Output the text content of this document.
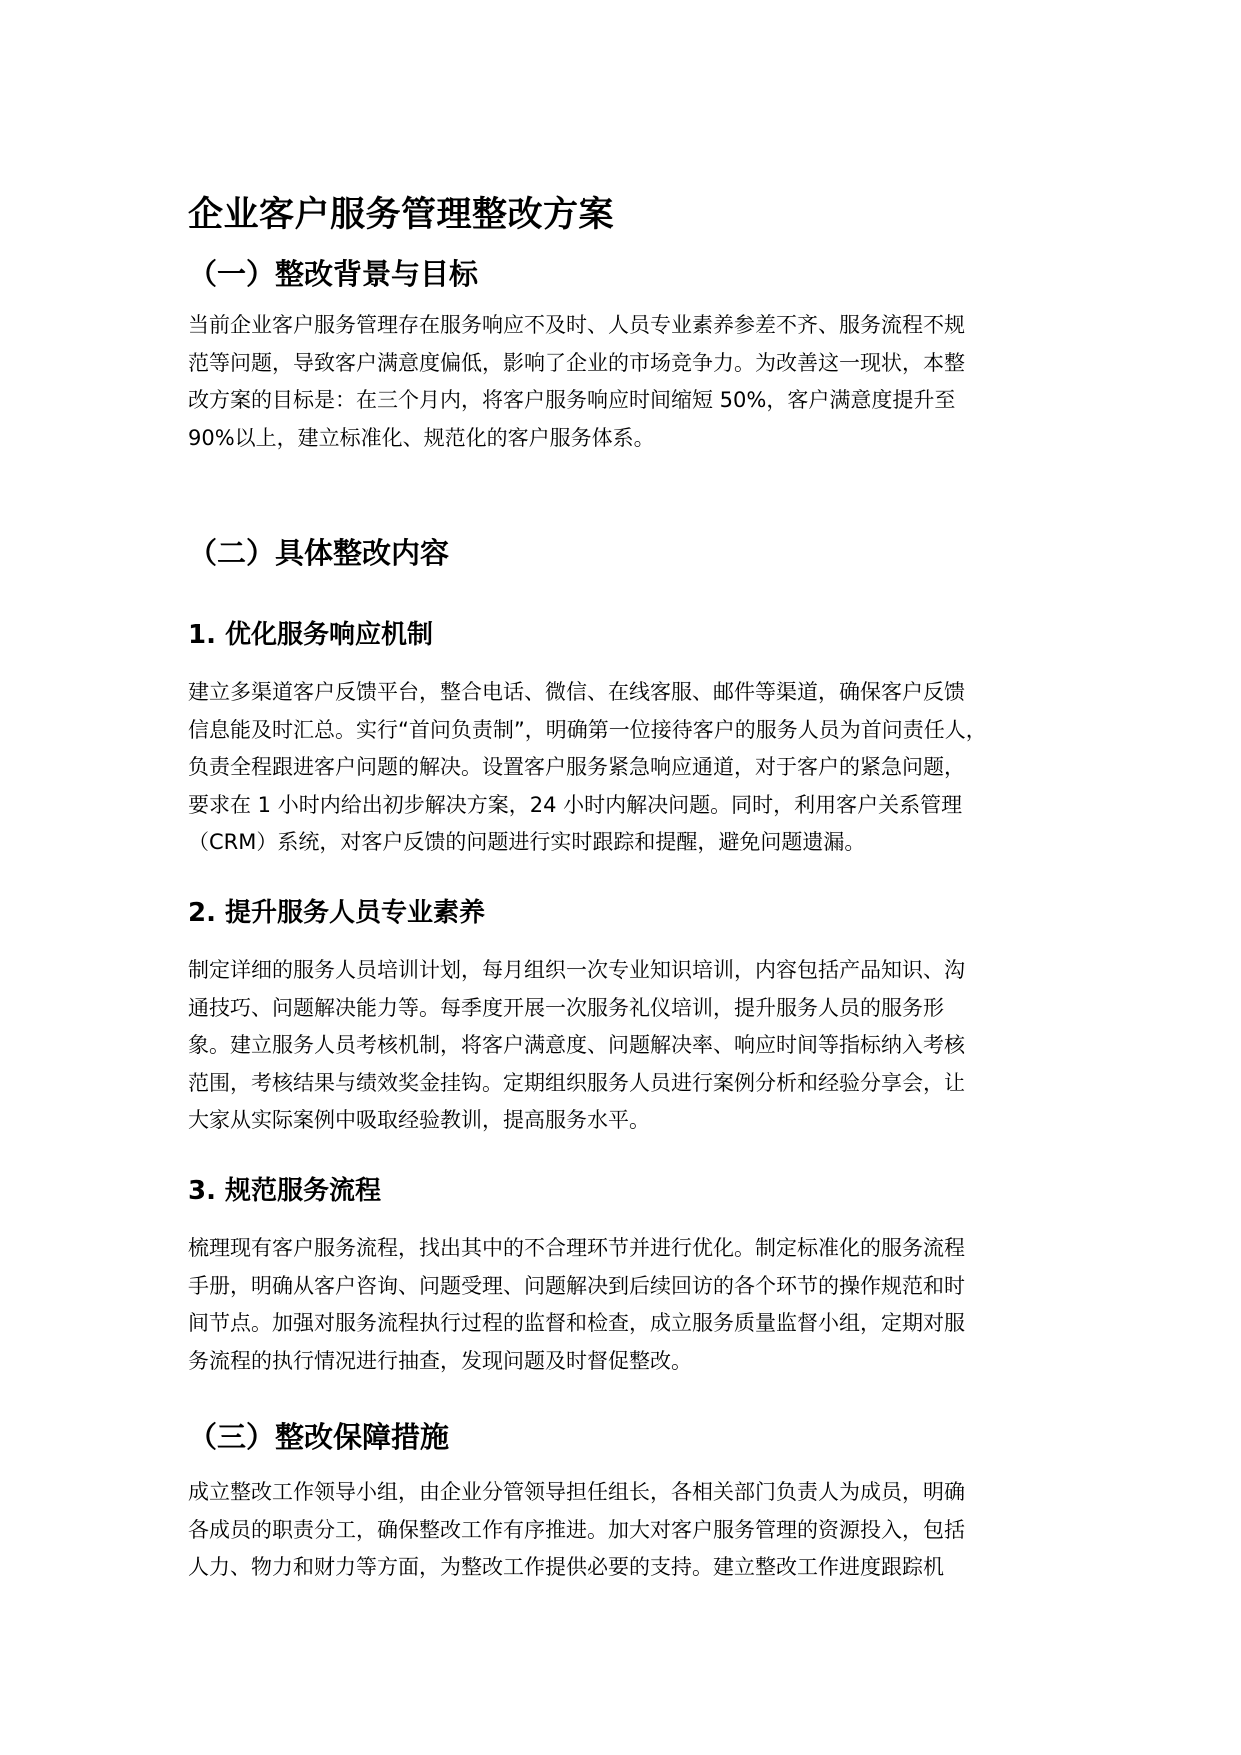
企业客户服务管理整改方案
（一）整改背景与目标
当前企业客户服务管理存在服务响应不及时、人员专业素养参差不齐、服务流程不规
范等问题，导致客户满意度偏低，影响了企业的市场竞争力。为改善这一现状，本整
改方案的目标是：在三个月内，将客户服务响应时间缩短 50%，客户满意度提升至
90%以上，建立标准化、规范化的客户服务体系。
（二）具体整改内容
1. 优化服务响应机制
建立多渠道客户反馈平台，整合电话、微信、在线客服、邮件等渠道，确保客户反馈
信息能及时汇总。实行“首问负责制”，明确第一位接待客户的服务人员为首问责任人，
负责全程跟进客户问题的解决。设置客户服务紧急响应通道，对于客户的紧急问题，
要求在 1 小时内给出初步解决方案，24 小时内解决问题。同时，利用客户关系管理
（CRM）系统，对客户反馈的问题进行实时跟踪和提醒，避免问题遗漏。
2. 提升服务人员专业素养
制定详细的服务人员培训计划，每月组织一次专业知识培训，内容包括产品知识、沟
通技巧、问题解决能力等。每季度开展一次服务礼仪培训，提升服务人员的服务形
象。建立服务人员考核机制，将客户满意度、问题解决率、响应时间等指标纳入考核
范围，考核结果与绩效奖金挂钩。定期组织服务人员进行案例分析和经验分享会，让
大家从实际案例中吸取经验教训，提高服务水平。
3. 规范服务流程
梳理现有客户服务流程，找出其中的不合理环节并进行优化。制定标准化的服务流程
手册，明确从客户咨询、问题受理、问题解决到后续回访的各个环节的操作规范和时
间节点。加强对服务流程执行过程的监督和检查，成立服务质量监督小组，定期对服
务流程的执行情况进行抽查，发现问题及时督促整改。
（三）整改保障措施
成立整改工作领导小组，由企业分管领导担任组长，各相关部门负责人为成员，明确
各成员的职责分工，确保整改工作有序推进。加大对客户服务管理的资源投入，包括
人力、物力和财力等方面，为整改工作提供必要的支持。建立整改工作进度跟踪机
